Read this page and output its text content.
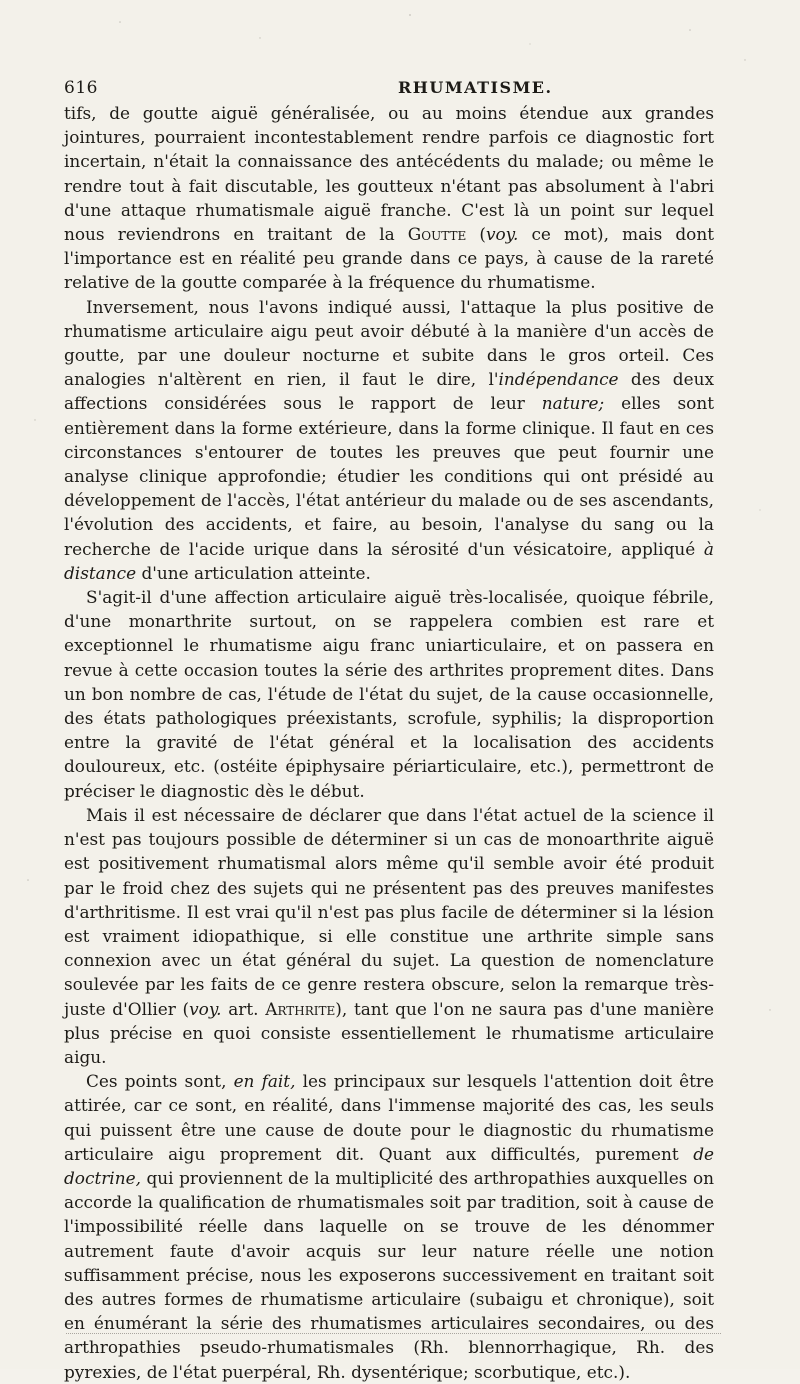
616	RHUMATISME.

tifs, de goutte aiguë généralisée, ou au moins étendue aux grandes jointures, pourraient incontestablement rendre parfois ce diagnostic fort incertain, n'était la connaissance des antécédents du malade; ou même le rendre tout à fait discutable, les goutteux n'étant pas absolument à l'abri d'une attaque rhumatismale aiguë franche. C'est là un point sur lequel nous reviendrons en traitant de la Goutte (voy. ce mot), mais dont l'importance est en réalité peu grande dans ce pays, à cause de la rareté relative de la goutte comparée à la fréquence du rhumatisme.

Inversement, nous l'avons indiqué aussi, l'attaque la plus positive de rhumatisme articulaire aigu peut avoir débuté à la manière d'un accès de goutte, par une douleur nocturne et subite dans le gros orteil. Ces analogies n'altèrent en rien, il faut le dire, l'indépendance des deux affections considérées sous le rapport de leur nature; elles sont entièrement dans la forme extérieure, dans la forme clinique. Il faut en ces circonstances s'entourer de toutes les preuves que peut fournir une analyse clinique approfondie; étudier les conditions qui ont présidé au développement de l'accès, l'état antérieur du malade ou de ses ascendants, l'évolution des accidents, et faire, au besoin, l'analyse du sang ou la recherche de l'acide urique dans la sérosité d'un vésicatoire, appliqué à distance d'une articulation atteinte.

S'agit-il d'une affection articulaire aiguë très-localisée, quoique fébrile, d'une monarthrite surtout, on se rappelera combien est rare et exceptionnel le rhumatisme aigu franc uniarticulaire, et on passera en revue à cette occasion toutes la série des arthrites proprement dites. Dans un bon nombre de cas, l'étude de l'état du sujet, de la cause occasionnelle, des états pathologiques préexistants, scrofule, syphilis; la disproportion entre la gravité de l'état général et la localisation des accidents douloureux, etc. (ostéite épiphysaire périarticulaire, etc.), permettront de préciser le diagnostic dès le début.

Mais il est nécessaire de déclarer que dans l'état actuel de la science il n'est pas toujours possible de déterminer si un cas de monoarthrite aiguë est positivement rhumatismal alors même qu'il semble avoir été produit par le froid chez des sujets qui ne présentent pas des preuves manifestes d'arthritisme. Il est vrai qu'il n'est pas plus facile de déterminer si la lésion est vraiment idiopathique, si elle constitue une arthrite simple sans connexion avec un état général du sujet. La question de nomenclature soulevée par les faits de ce genre restera obscure, selon la remarque très-juste d'Ollier (voy. art. Arthrite), tant que l'on ne saura pas d'une manière plus précise en quoi consiste essentiellement le rhumatisme articulaire aigu.

Ces points sont, en fait, les principaux sur lesquels l'attention doit être attirée, car ce sont, en réalité, dans l'immense majorité des cas, les seuls qui puissent être une cause de doute pour le diagnostic du rhumatisme articulaire aigu proprement dit. Quant aux difficultés, purement de doctrine, qui proviennent de la multiplicité des arthropathies auxquelles on accorde la qualification de rhumatismales soit par tradition, soit à cause de l'impossibilité réelle dans laquelle on se trouve de les dénommer autrement faute d'avoir acquis sur leur nature réelle une notion suffisamment précise, nous les exposerons successivement en traitant soit des autres formes de rhumatisme articulaire (subaigu et chronique), soit en énumérant la série des rhumatismes articulaires secondaires, ou des arthropathies pseudo-rhumatismales (Rh. blennorrhagique, Rh. des pyrexies, de l'état puerpéral, Rh. dysentérique; scorbutique, etc.).
